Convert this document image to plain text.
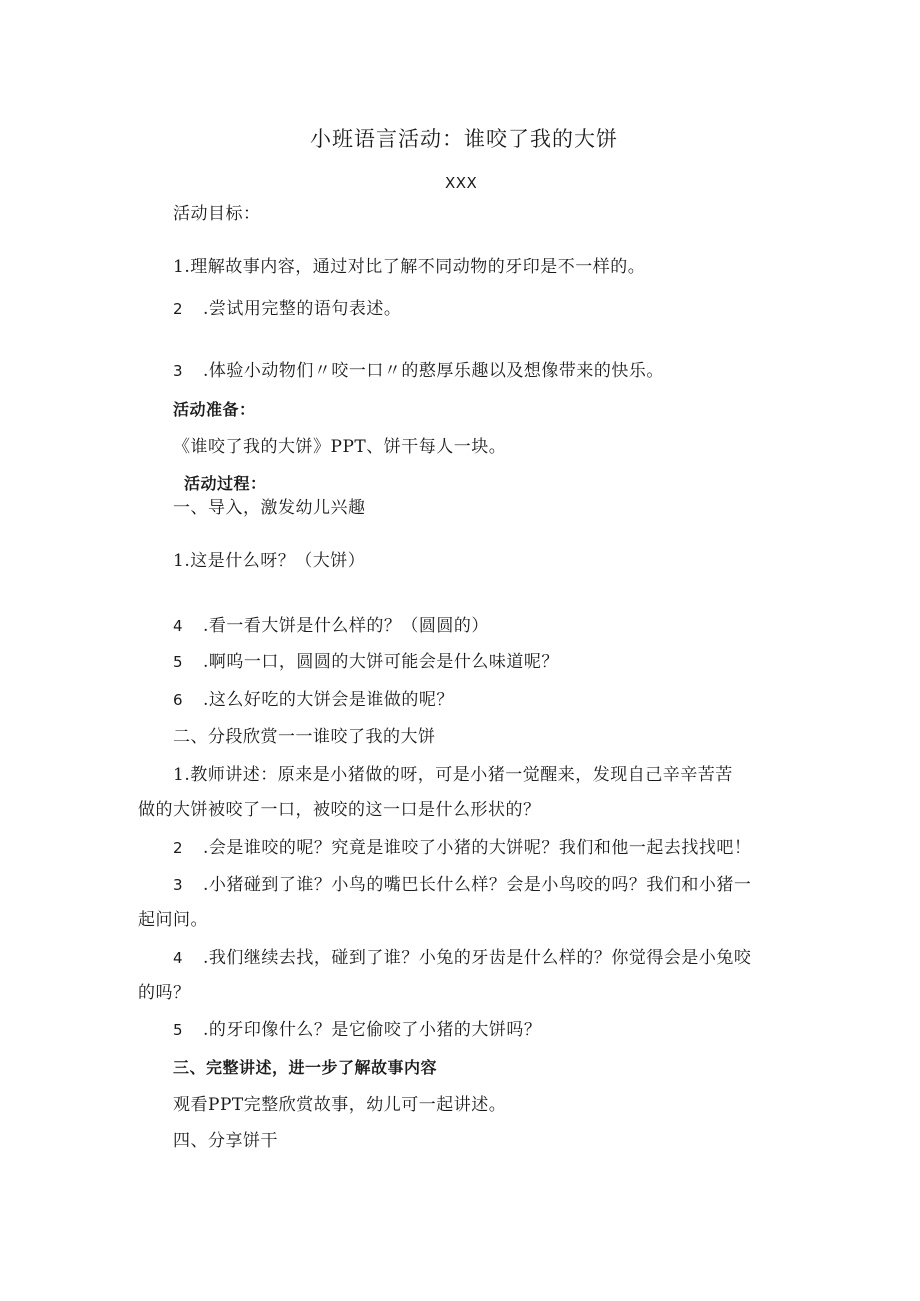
小班语言活动：谁咬了我的大饼
XXX
活动目标：
1.理解故事内容，通过对比了解不同动物的牙印是不一样的。
2 .尝试用完整的语句表述。
3 .体验小动物们〃咬一口〃的憨厚乐趣以及想像带来的快乐。
活动准备：
《谁咬了我的大饼》PPT、饼干每人一块。
活动过程：
一、导入，激发幼儿兴趣
1.这是什么呀？（大饼）
4 .看一看大饼是什么样的？（圆圆的）
5 .啊呜一口，圆圆的大饼可能会是什么味道呢？
6 .这么好吃的大饼会是谁做的呢？
二、分段欣赏一一谁咬了我的大饼
1.教师讲述：原来是小猪做的呀，可是小猪一觉醒来，发现自己辛辛苦苦
做的大饼被咬了一口，被咬的这一口是什么形状的？
2 .会是谁咬的呢？究竟是谁咬了小猪的大饼呢？我们和他一起去找找吧！
3 .小猪碰到了谁？小鸟的嘴巴长什么样？会是小鸟咬的吗？我们和小猪一
起问问。
4 .我们继续去找，碰到了谁？小兔的牙齿是什么样的？你觉得会是小兔咬
的吗？
5 .的牙印像什么？是它偷咬了小猪的大饼吗？
三、完整讲述，进一步了解故事内容
观看PPT完整欣赏故事，幼儿可一起讲述。
四、分享饼干
